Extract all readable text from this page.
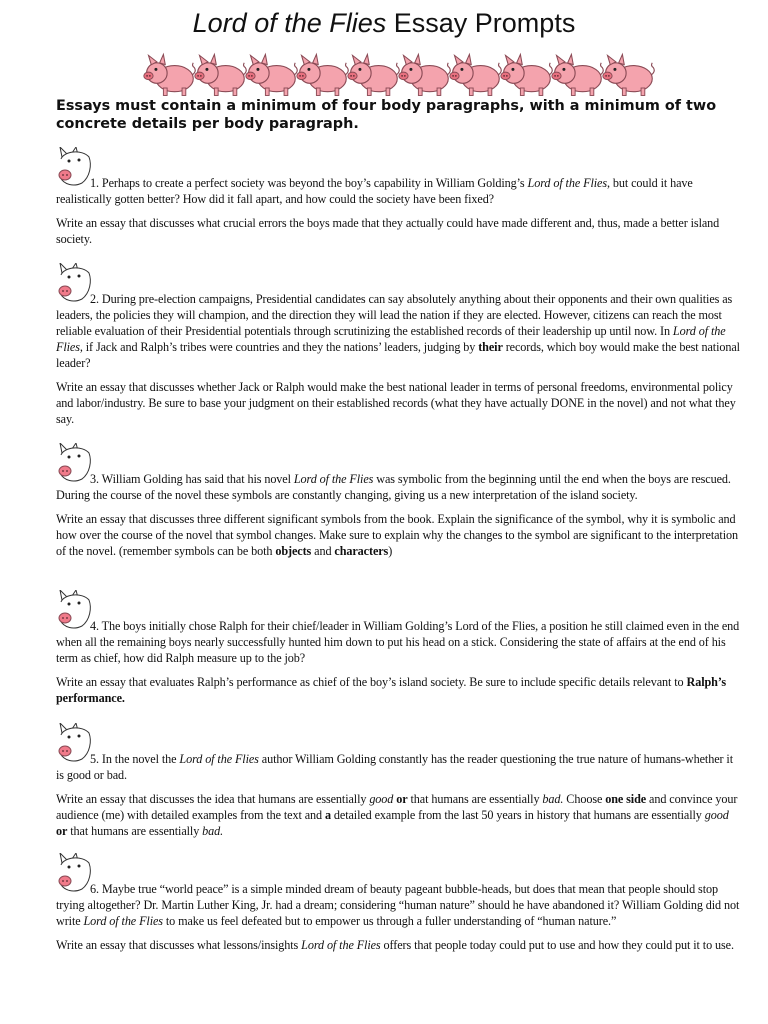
Lord of the Flies Essay Prompts
Essays must contain a minimum of four body paragraphs, with a minimum of two concrete details per body paragraph.

1. Perhaps to create a perfect society was beyond the boy’s capability in William Golding’s Lord of the Flies, but could it have realistically gotten better? How did it fall apart, and how could the society have been fixed?

Write an essay that discusses what crucial errors the boys made that they actually could have made different and, thus, made a better island society.

2. During pre-election campaigns, Presidential candidates can say absolutely anything about their opponents and their own qualities as leaders, the policies they will champion, and the direction they will lead the nation if they are elected. However, citizens can reach the most reliable evaluation of their Presidential potentials through scrutinizing the established records of their leadership up until now. In Lord of the Flies, if Jack and Ralph’s tribes were countries and they the nations’ leaders, judging by their records, which boy would make the best national leader?

Write an essay that discusses whether Jack or Ralph would make the best national leader in terms of personal freedoms, environmental policy and labor/industry. Be sure to base your judgment on their established records (what they have actually DONE in the novel) and not what they say.

3. William Golding has said that his novel Lord of the Flies was symbolic from the beginning until the end when the boys are rescued. During the course of the novel these symbols are constantly changing, giving us a new interpretation of the island society.

Write an essay that discusses three different significant symbols from the book. Explain the significance of the symbol, why it is symbolic and how over the course of the novel that symbol changes. Make sure to explain why the changes to the symbol are significant to the interpretation of the novel. (remember symbols can be both objects and characters)

4. The boys initially chose Ralph for their chief/leader in William Golding’s Lord of the Flies, a position he still claimed even in the end when all the remaining boys nearly successfully hunted him down to put his head on a stick. Considering the state of affairs at the end of his term as chief, how did Ralph measure up to the job?

Write an essay that evaluates Ralph’s performance as chief of the boy’s island society. Be sure to include specific details relevant to Ralph’s performance.

5. In the novel the Lord of the Flies author William Golding constantly has the reader questioning the true nature of humans-whether it is good or bad.

Write an essay that discusses the idea that humans are essentially good or that humans are essentially bad. Choose one side and convince your audience (me) with detailed examples from the text and a detailed example from the last 50 years in history that humans are essentially good or that humans are essentially bad.

6. Maybe true “world peace” is a simple minded dream of beauty pageant bubble-heads, but does that mean that people should stop trying altogether? Dr. Martin Luther King, Jr. had a dream; considering “human nature” should he have abandoned it? William Golding did not write Lord of the Flies to make us feel defeated but to empower us through a fuller understanding of “human nature.”

Write an essay that discusses what lessons/insights Lord of the Flies offers that people today could put to use and how they could put it to use.
